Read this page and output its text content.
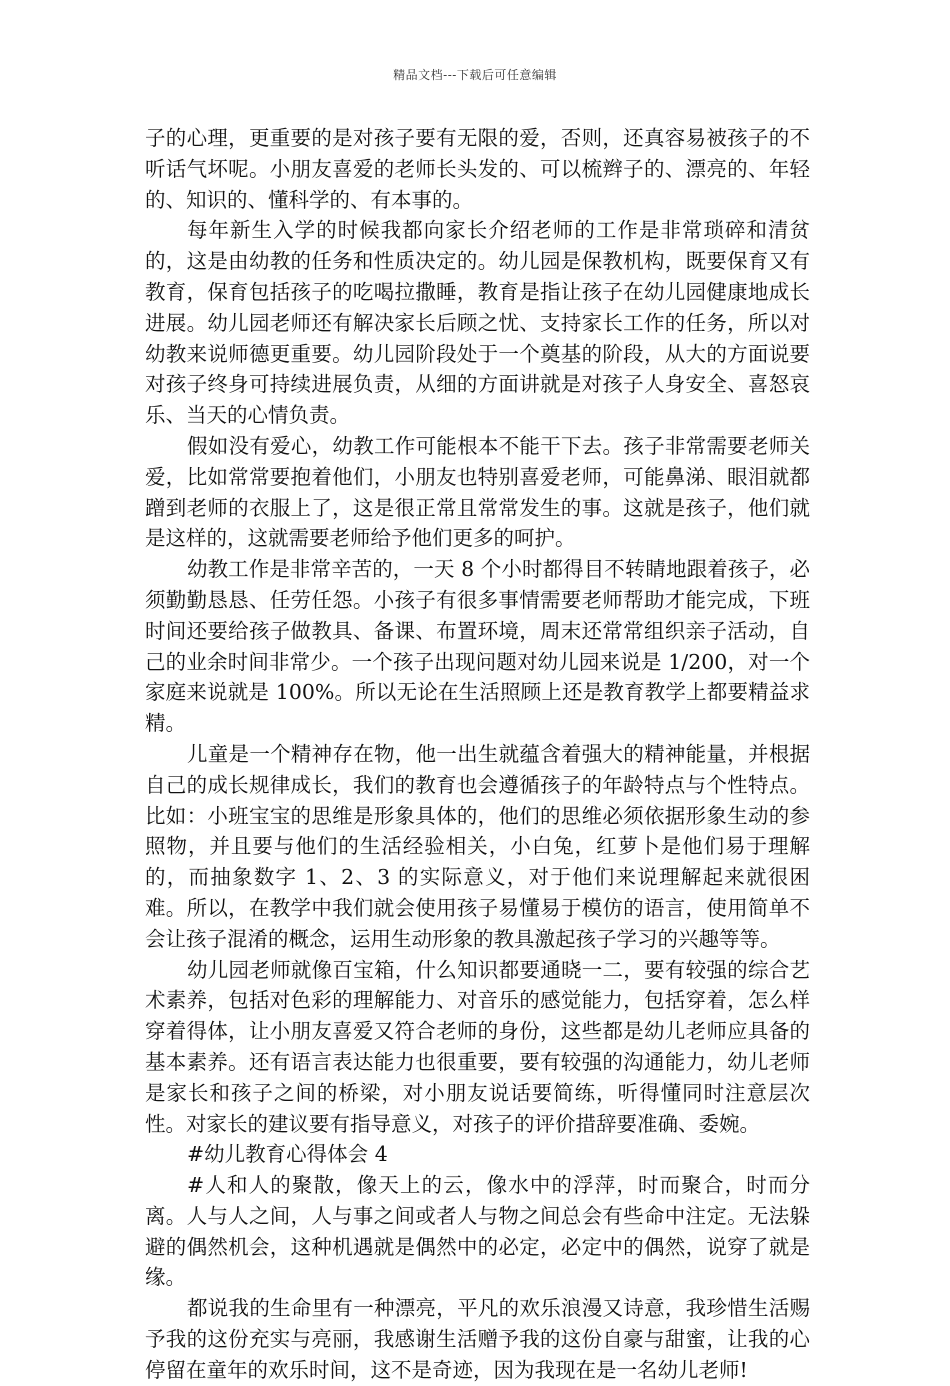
精品文档---下载后可任意编辑

子的心理，更重要的是对孩子要有无限的爱，否则，还真容易被孩子的不听话气坏呢。小朋友喜爱的老师长头发的、可以梳辫子的、漂亮的、年轻的、知识的、懂科学的、有本事的。

每年新生入学的时候我都向家长介绍老师的工作是非常琐碎和清贫的，这是由幼教的任务和性质决定的。幼儿园是保教机构，既要保育又有教育，保育包括孩子的吃喝拉撒睡，教育是指让孩子在幼儿园健康地成长进展。幼儿园老师还有解决家长后顾之忧、支持家长工作的任务，所以对幼教来说师德更重要。幼儿园阶段处于一个奠基的阶段，从大的方面说要对孩子终身可持续进展负责，从细的方面讲就是对孩子人身安全、喜怒哀乐、当天的心情负责。

假如没有爱心，幼教工作可能根本不能干下去。孩子非常需要老师关爱，比如常常要抱着他们，小朋友也特别喜爱老师，可能鼻涕、眼泪就都蹭到老师的衣服上了，这是很正常且常常发生的事。这就是孩子，他们就是这样的，这就需要老师给予他们更多的呵护。

幼教工作是非常辛苦的，一天 8 个小时都得目不转睛地跟着孩子，必须勤勤恳恳、任劳任怨。小孩子有很多事情需要老师帮助才能完成，下班时间还要给孩子做教具、备课、布置环境，周末还常常组织亲子活动，自己的业余时间非常少。一个孩子出现问题对幼儿园来说是 1/200，对一个家庭来说就是 100%。所以无论在生活照顾上还是教育教学上都要精益求精。

儿童是一个精神存在物，他一出生就蕴含着强大的精神能量，并根据自己的成长规律成长，我们的教育也会遵循孩子的年龄特点与个性特点。比如：小班宝宝的思维是形象具体的，他们的思维必须依据形象生动的参照物，并且要与他们的生活经验相关，小白兔，红萝卜是他们易于理解的，而抽象数字 1、2、3 的实际意义，对于他们来说理解起来就很困难。所以，在教学中我们就会使用孩子易懂易于模仿的语言，使用简单不会让孩子混淆的概念，运用生动形象的教具激起孩子学习的兴趣等等。

幼儿园老师就像百宝箱，什么知识都要通晓一二，要有较强的综合艺术素养，包括对色彩的理解能力、对音乐的感觉能力，包括穿着，怎么样穿着得体，让小朋友喜爱又符合老师的身份，这些都是幼儿老师应具备的基本素养。还有语言表达能力也很重要，要有较强的沟通能力，幼儿老师是家长和孩子之间的桥梁，对小朋友说话要简练，听得懂同时注意层次性。对家长的建议要有指导意义，对孩子的评价措辞要准确、委婉。

#幼儿教育心得体会 4

#人和人的聚散，像天上的云，像水中的浮萍，时而聚合，时而分离。人与人之间，人与事之间或者人与物之间总会有些命中注定。无法躲避的偶然机会，这种机遇就是偶然中的必定，必定中的偶然，说穿了就是缘。

都说我的生命里有一种漂亮，平凡的欢乐浪漫又诗意，我珍惜生活赐予我的这份充实与亮丽，我感谢生活赠予我的这份自豪与甜蜜，让我的心停留在童年的欢乐时间，这不是奇迹，因为我现在是一名幼儿老师!
